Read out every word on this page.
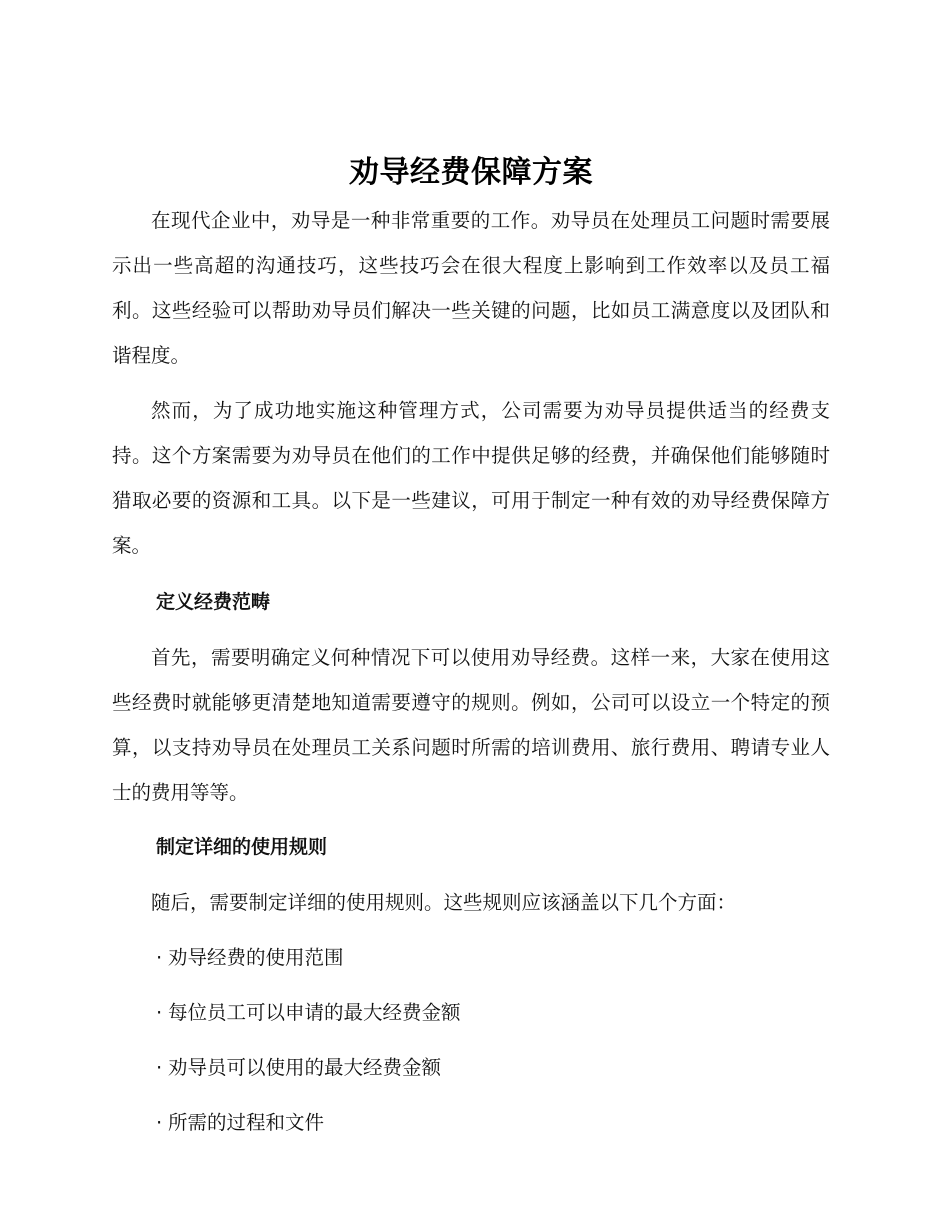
劝导经费保障方案

在现代企业中，劝导是一种非常重要的工作。劝导员在处理员工问题时需要展示出一些高超的沟通技巧，这些技巧会在很大程度上影响到工作效率以及员工福利。这些经验可以帮助劝导员们解决一些关键的问题，比如员工满意度以及团队和谐程度。

然而，为了成功地实施这种管理方式，公司需要为劝导员提供适当的经费支持。这个方案需要为劝导员在他们的工作中提供足够的经费，并确保他们能够随时猎取必要的资源和工具。以下是一些建议，可用于制定一种有效的劝导经费保障方案。

定义经费范畴

首先，需要明确定义何种情况下可以使用劝导经费。这样一来，大家在使用这些经费时就能够更清楚地知道需要遵守的规则。例如，公司可以设立一个特定的预算，以支持劝导员在处理员工关系问题时所需的培训费用、旅行费用、聘请专业人士的费用等等。

制定详细的使用规则

随后，需要制定详细的使用规则。这些规则应该涵盖以下几个方面：

· 劝导经费的使用范围
· 每位员工可以申请的最大经费金额
· 劝导员可以使用的最大经费金额
· 所需的过程和文件
